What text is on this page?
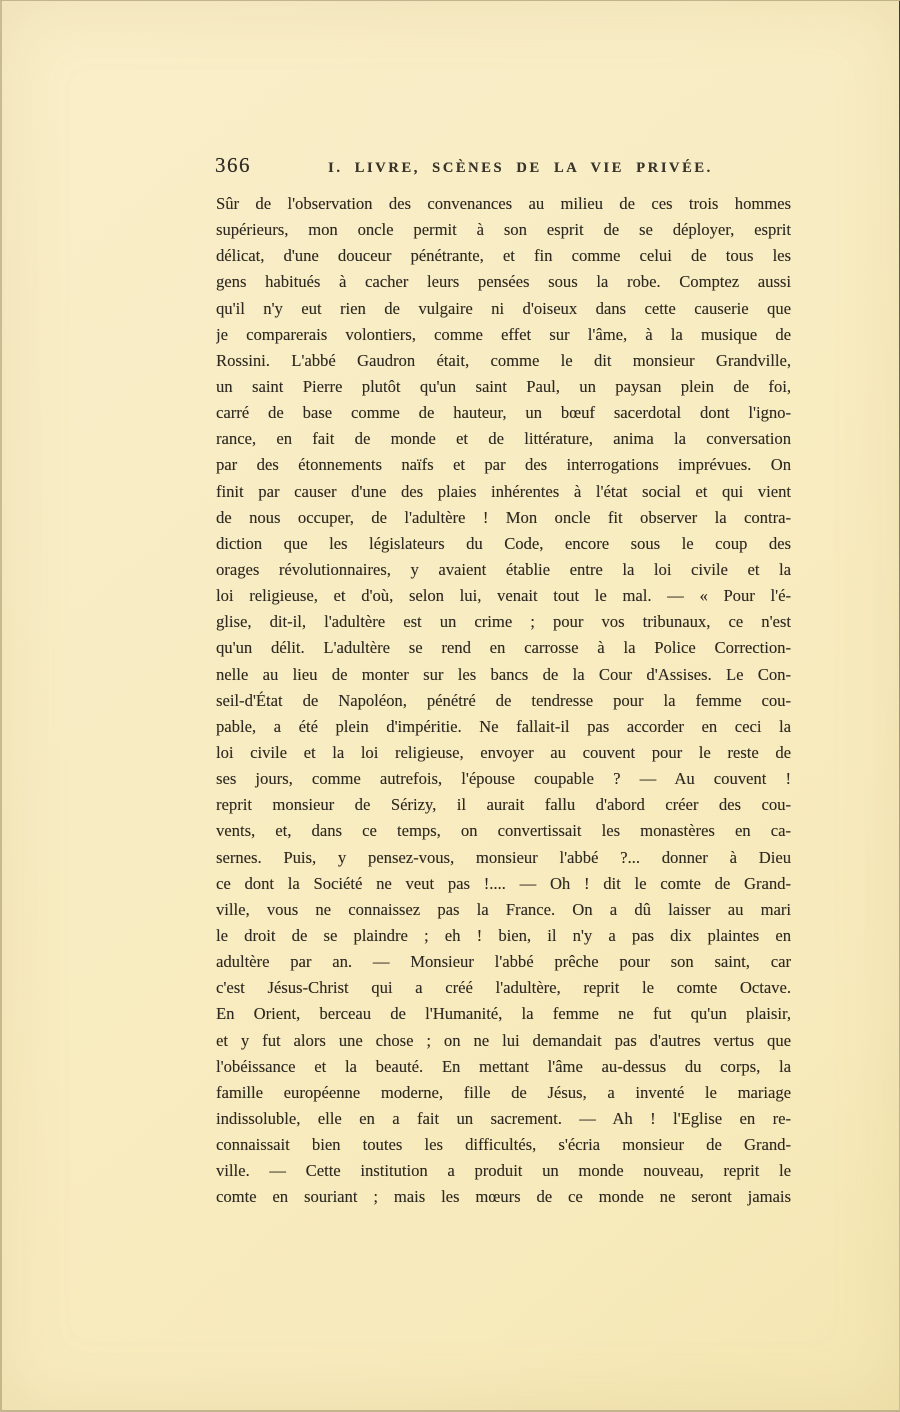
366	I. LIVRE, SCÈNES DE LA VIE PRIVÉE.
Sûr de l'observation des convenances au milieu de ces trois hommes
supérieurs, mon oncle permit à son esprit de se déployer, esprit
délicat, d'une douceur pénétrante, et fin comme celui de tous les
gens habitués à cacher leurs pensées sous la robe. Comptez aussi
qu'il n'y eut rien de vulgaire ni d'oiseux dans cette causerie que
je comparerais volontiers, comme effet sur l'âme, à la musique de
Rossini. L'abbé Gaudron était, comme le dit monsieur Grandville,
un saint Pierre plutôt qu'un saint Paul, un paysan plein de foi,
carré de base comme de hauteur, un bœuf sacerdotal dont l'igno-
rance, en fait de monde et de littérature, anima la conversation
par des étonnements naïfs et par des interrogations imprévues. On
finit par causer d'une des plaies inhérentes à l'état social et qui vient
de nous occuper, de l'adultère ! Mon oncle fit observer la contra-
diction que les législateurs du Code, encore sous le coup des
orages révolutionnaires, y avaient établie entre la loi civile et la
loi religieuse, et d'où, selon lui, venait tout le mal. — « Pour l'é-
glise, dit-il, l'adultère est un crime ; pour vos tribunaux, ce n'est
qu'un délit. L'adultère se rend en carrosse à la Police Correction-
nelle au lieu de monter sur les bancs de la Cour d'Assises. Le Con-
seil-d'État de Napoléon, pénétré de tendresse pour la femme cou-
pable, a été plein d'impéritie. Ne fallait-il pas accorder en ceci la
loi civile et la loi religieuse, envoyer au couvent pour le reste de
ses jours, comme autrefois, l'épouse coupable ? — Au couvent !
reprit monsieur de Sérizy, il aurait fallu d'abord créer des cou-
vents, et, dans ce temps, on convertissait les monastères en ca-
sernes. Puis, y pensez-vous, monsieur l'abbé ?... donner à Dieu
ce dont la Société ne veut pas !.... — Oh ! dit le comte de Grand-
ville, vous ne connaissez pas la France. On a dû laisser au mari
le droit de se plaindre ; eh ! bien, il n'y a pas dix plaintes en
adultère par an. — Monsieur l'abbé prêche pour son saint, car
c'est Jésus-Christ qui a créé l'adultère, reprit le comte Octave.
En Orient, berceau de l'Humanité, la femme ne fut qu'un plaisir,
et y fut alors une chose ; on ne lui demandait pas d'autres vertus que
l'obéissance et la beauté. En mettant l'âme au-dessus du corps, la
famille européenne moderne, fille de Jésus, a inventé le mariage
indissoluble, elle en a fait un sacrement. — Ah ! l'Eglise en re-
connaissait bien toutes les difficultés, s'écria monsieur de Grand-
ville. — Cette institution a produit un monde nouveau, reprit le
comte en souriant ; mais les mœurs de ce monde ne seront jamais
